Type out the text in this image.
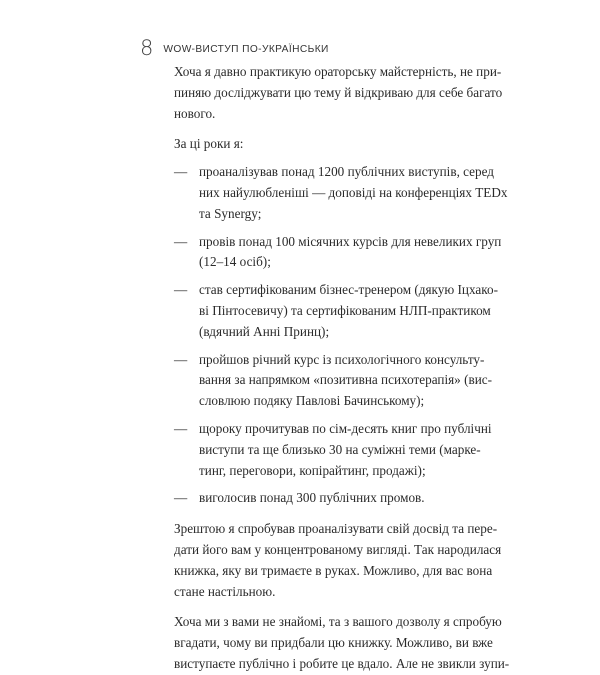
8 WOW-ВИСТУП ПО-УКРАЇНСЬКИ
Хоча я давно практикую ораторську майстерність, не при-
пиняю досліджувати цю тему й відкриваю для себе багато
нового.
За ці роки я:
— проаналізував понад 1200 публічних виступів, серед
них найулюбленіші — доповіді на конференціях TEDx
та Synergy;
— провів понад 100 місячних курсів для невеликих груп
(12–14 осіб);
— став сертифікованим бізнес-тренером (дякую Іцхако-
ві Пінтосевичу) та сертифікованим НЛП-практиком
(вдячний Анні Принц);
— пройшов річний курс із психологічного консульту-
вання за напрямком «позитивна психотерапія» (вис-
словлюю подяку Павлові Бачинському);
— щороку прочитував по сім-десять книг про публічні
виступи та ще близько 30 на суміжні теми (марке-
тинг, переговори, копірайтинг, продажі);
— виголосив понад 300 публічних промов.
Зрештою я спробував проаналізувати свій досвід та пере-
дати його вам у концентрованому вигляді. Так народилася
книжка, яку ви тримаєте в руках. Можливо, для вас вона
стане настільною.
Хоча ми з вами не знайомі, та з вашого дозволу я спробую
вгадати, чому ви придбали цю книжку. Можливо, ви вже
виступаєте публічно і робите це вдало. Але не звикли зупи-
